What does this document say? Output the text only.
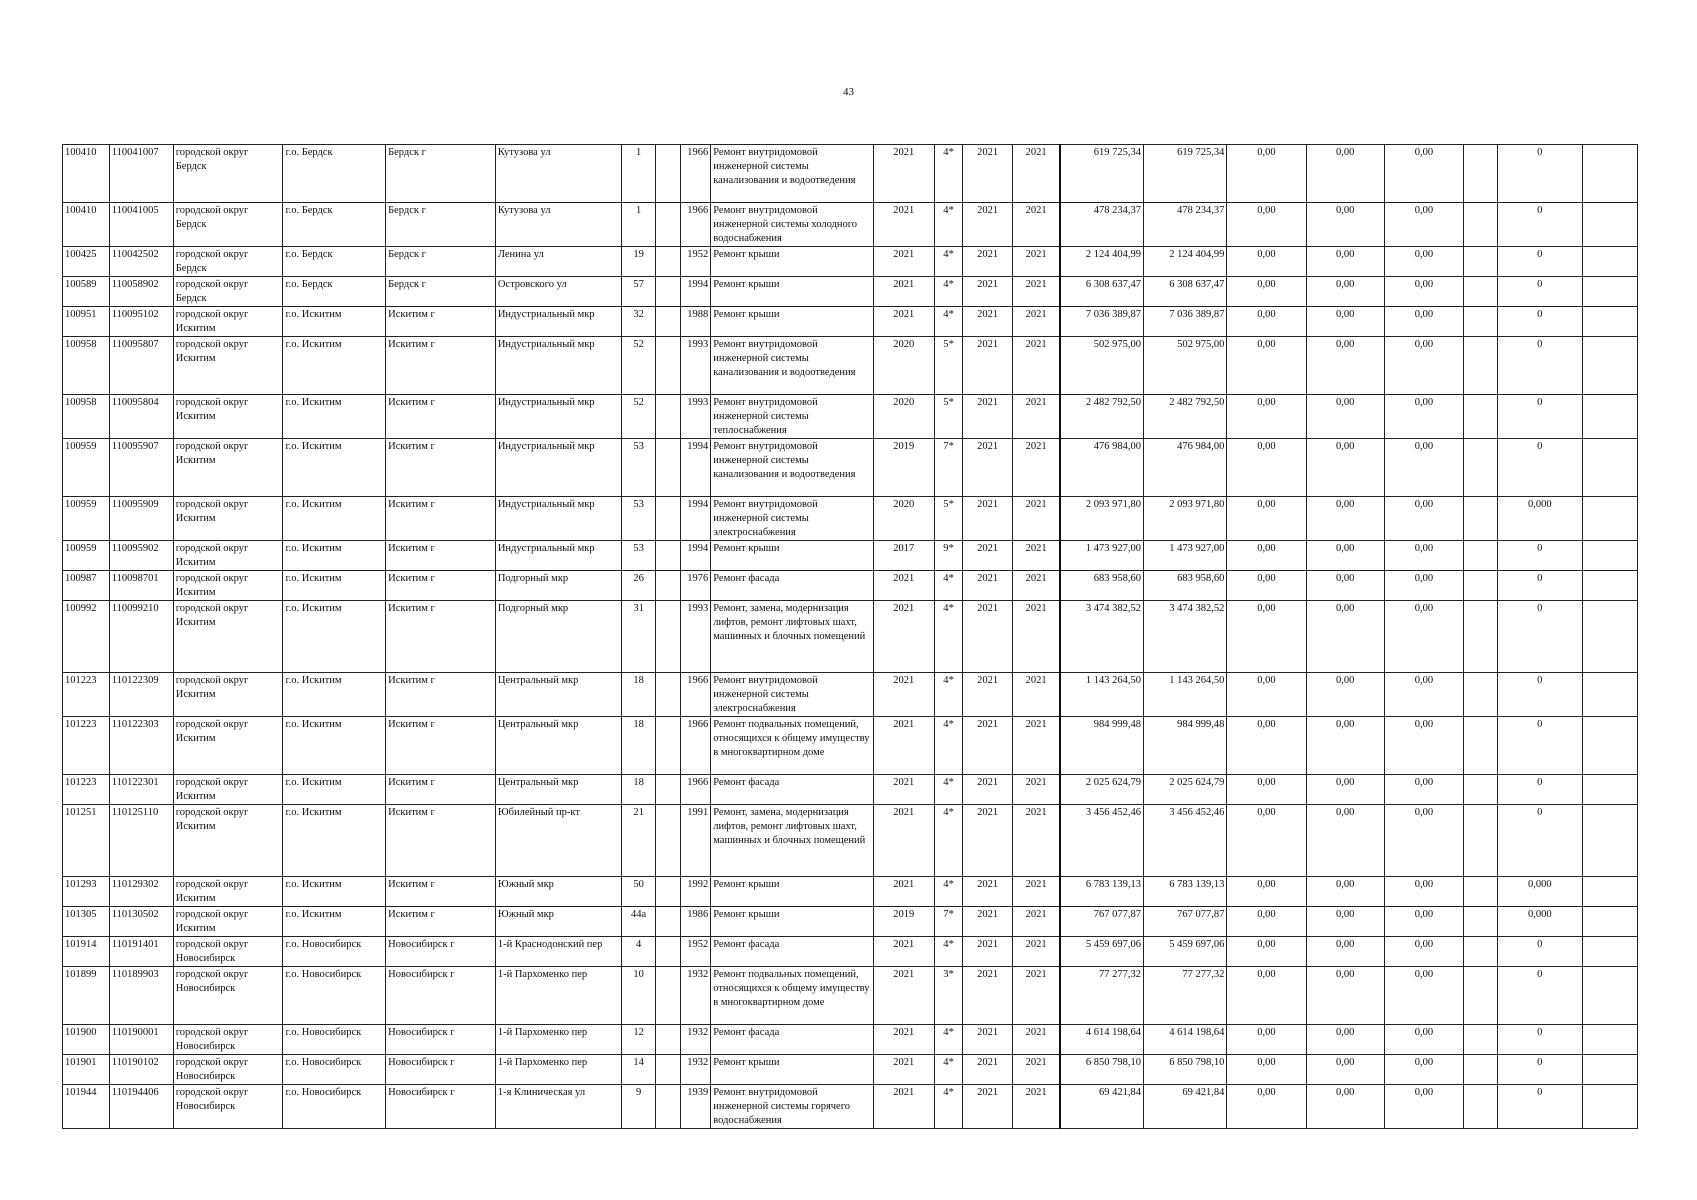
43
100410	110041007	городской округ Бердск	г.о. Бердск	Бердск г	Кутузова ул	1		1966	Ремонт внутридомовой инженерной системы канализования и водоотведения	2021	4*	2021	2021	619 725,34	619 725,34	0,00	0,00	0,00		0	
100410	110041005	городской округ Бердск	г.о. Бердск	Бердск г	Кутузова ул	1		1966	Ремонт внутридомовой инженерной системы холодного водоснабжения	2021	4*	2021	2021	478 234,37	478 234,37	0,00	0,00	0,00		0	
100425	110042502	городской округ Бердск	г.о. Бердск	Бердск г	Ленина ул	19		1952	Ремонт крыши	2021	4*	2021	2021	2 124 404,99	2 124 404,99	0,00	0,00	0,00		0	
100589	110058902	городской округ Бердск	г.о. Бердск	Бердск г	Островского ул	57		1994	Ремонт крыши	2021	4*	2021	2021	6 308 637,47	6 308 637,47	0,00	0,00	0,00		0	
100951	110095102	городской округ Искитим	г.о. Искитим	Искитим г	Индустриальный мкр	32		1988	Ремонт крыши	2021	4*	2021	2021	7 036 389,87	7 036 389,87	0,00	0,00	0,00		0	
100958	110095807	городской округ Искитим	г.о. Искитим	Искитим г	Индустриальный мкр	52		1993	Ремонт внутридомовой инженерной системы канализования и водоотведения	2020	5*	2021	2021	502 975,00	502 975,00	0,00	0,00	0,00		0	
100958	110095804	городской округ Искитим	г.о. Искитим	Искитим г	Индустриальный мкр	52		1993	Ремонт внутридомовой инженерной системы теплоснабжения	2020	5*	2021	2021	2 482 792,50	2 482 792,50	0,00	0,00	0,00		0	
100959	110095907	городской округ Искитим	г.о. Искитим	Искитим г	Индустриальный мкр	53		1994	Ремонт внутридомовой инженерной системы канализования и водоотведения	2019	7*	2021	2021	476 984,00	476 984,00	0,00	0,00	0,00		0	
100959	110095909	городской округ Искитим	г.о. Искитим	Искитим г	Индустриальный мкр	53		1994	Ремонт внутридомовой инженерной системы электроснабжения	2020	5*	2021	2021	2 093 971,80	2 093 971,80	0,00	0,00	0,00		0,000	
100959	110095902	городской округ Искитим	г.о. Искитим	Искитим г	Индустриальный мкр	53		1994	Ремонт крыши	2017	9*	2021	2021	1 473 927,00	1 473 927,00	0,00	0,00	0,00		0	
100987	110098701	городской округ Искитим	г.о. Искитим	Искитим г	Подгорный мкр	26		1976	Ремонт фасада	2021	4*	2021	2021	683 958,60	683 958,60	0,00	0,00	0,00		0	
100992	110099210	городской округ Искитим	г.о. Искитим	Искитим г	Подгорный мкр	31		1993	Ремонт, замена, модернизация лифтов, ремонт лифтовых шахт, машинных и блочных помещений	2021	4*	2021	2021	3 474 382,52	3 474 382,52	0,00	0,00	0,00		0	
101223	110122309	городской округ Искитим	г.о. Искитим	Искитим г	Центральный мкр	18		1966	Ремонт внутридомовой инженерной системы электроснабжения	2021	4*	2021	2021	1 143 264,50	1 143 264,50	0,00	0,00	0,00		0	
101223	110122303	городской округ Искитим	г.о. Искитим	Искитим г	Центральный мкр	18		1966	Ремонт подвальных помещений, относящихся к общему имуществу в многоквартирном доме	2021	4*	2021	2021	984 999,48	984 999,48	0,00	0,00	0,00		0	
101223	110122301	городской округ Искитим	г.о. Искитим	Искитим г	Центральный мкр	18		1966	Ремонт фасада	2021	4*	2021	2021	2 025 624,79	2 025 624,79	0,00	0,00	0,00		0	
101251	110125110	городской округ Искитим	г.о. Искитим	Искитим г	Юбилейный пр-кт	21		1991	Ремонт, замена, модернизация лифтов, ремонт лифтовых шахт, машинных и блочных помещений	2021	4*	2021	2021	3 456 452,46	3 456 452,46	0,00	0,00	0,00		0	
101293	110129302	городской округ Искитим	г.о. Искитим	Искитим г	Южный мкр	50		1992	Ремонт крыши	2021	4*	2021	2021	6 783 139,13	6 783 139,13	0,00	0,00	0,00		0,000	
101305	110130502	городской округ Искитим	г.о. Искитим	Искитим г	Южный мкр	44а		1986	Ремонт крыши	2019	7*	2021	2021	767 077,87	767 077,87	0,00	0,00	0,00		0,000	
101914	110191401	городской округ Новосибирск	г.о. Новосибирск	Новосибирск г	1-й Краснодонский пер	4		1952	Ремонт фасада	2021	4*	2021	2021	5 459 697,06	5 459 697,06	0,00	0,00	0,00		0	
101899	110189903	городской округ Новосибирск	г.о. Новосибирск	Новосибирск г	1-й Пархоменко пер	10		1932	Ремонт подвальных помещений, относящихся к общему имуществу в многоквартирном доме	2021	3*	2021	2021	77 277,32	77 277,32	0,00	0,00	0,00		0	
101900	110190001	городской округ Новосибирск	г.о. Новосибирск	Новосибирск г	1-й Пархоменко пер	12		1932	Ремонт фасада	2021	4*	2021	2021	4 614 198,64	4 614 198,64	0,00	0,00	0,00		0	
101901	110190102	городской округ Новосибирск	г.о. Новосибирск	Новосибирск г	1-й Пархоменко пер	14		1932	Ремонт крыши	2021	4*	2021	2021	6 850 798,10	6 850 798,10	0,00	0,00	0,00		0	
101944	110194406	городской округ Новосибирск	г.о. Новосибирск	Новосибирск г	1-я Клиническая ул	9		1939	Ремонт внутридомовой инженерной системы горячего водоснабжения	2021	4*	2021	2021	69 421,84	69 421,84	0,00	0,00	0,00		0	
